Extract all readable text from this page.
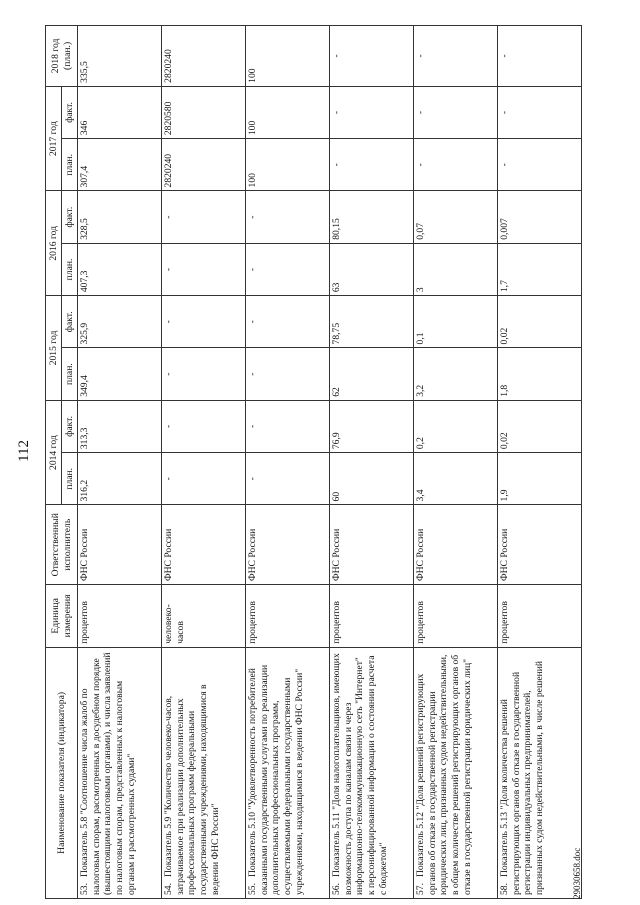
112
Наименование показателя (индикатора)	Единица измерения	Ответственный исполнитель	2014 год		2015 год		2016 год		2017 год		2018 год (план.)
			план.	факт.	план.	факт.	план.	факт.	план.	факт.	
53.Показатель 5.8 "Соотношение числа жалоб по налоговым спорам, рассмотренных в досудебном порядке (вышестоящими налоговыми органами), и числа заявлений по налоговым спорам, представленных к налоговым органам и рассмотренных судами"	процентов	ФНС России	316,2	313,3	349,4	325,9	407,3	328,5	307,4	346	335,5
54.Показатель 5.9 "Количество человеко-часов, затрачиваемое при реализации дополнительных профессиональных программ федеральными государственными учреждениями, находящимися в ведении ФНС России"	человеко-часов	ФНС России	-	-	-	-	-	-	2820240	2820580	2820240
55.Показатель 5.10 "Удовлетворенность потребителей оказанными государственными услугами по реализации дополнительных профессиональных программ, осуществляемыми федеральными государственными учреждениями, находящимися в ведении ФНС России"	процентов	ФНС России	-	-	-	-	-	-	100	100	100
56.Показатель 5.11 "Доля налогоплательщиков, имеющих возможность доступа по каналам связи и через информационно-телекоммуникационную сеть "Интернет" к персонифицированной информации о состоянии расчета с бюджетом"	процентов	ФНС России	60	76,9	62	78,75	63	80,15	-	-	-
57.Показатель 5.12 "Доля решений регистрирующих органов об отказе в государственной регистрации юридических лиц, признанных судом недействительными, в общем количестве решений регистрирующих органов об отказе в государственной регистрации юридических лиц"	процентов	ФНС России	3,4	0,2	3,2	0,1	3	0,07	-	-	-
58.Показатель 5.13 "Доля количества решений регистрирующих органов об отказе в государственной регистрации индивидуальных предпринимателей, признанных судом недействительными, в числе решений	процентов	ФНС России	1,9	0,02	1,8	0,02	1,7	0,007	-	-	-
29030658.doc
